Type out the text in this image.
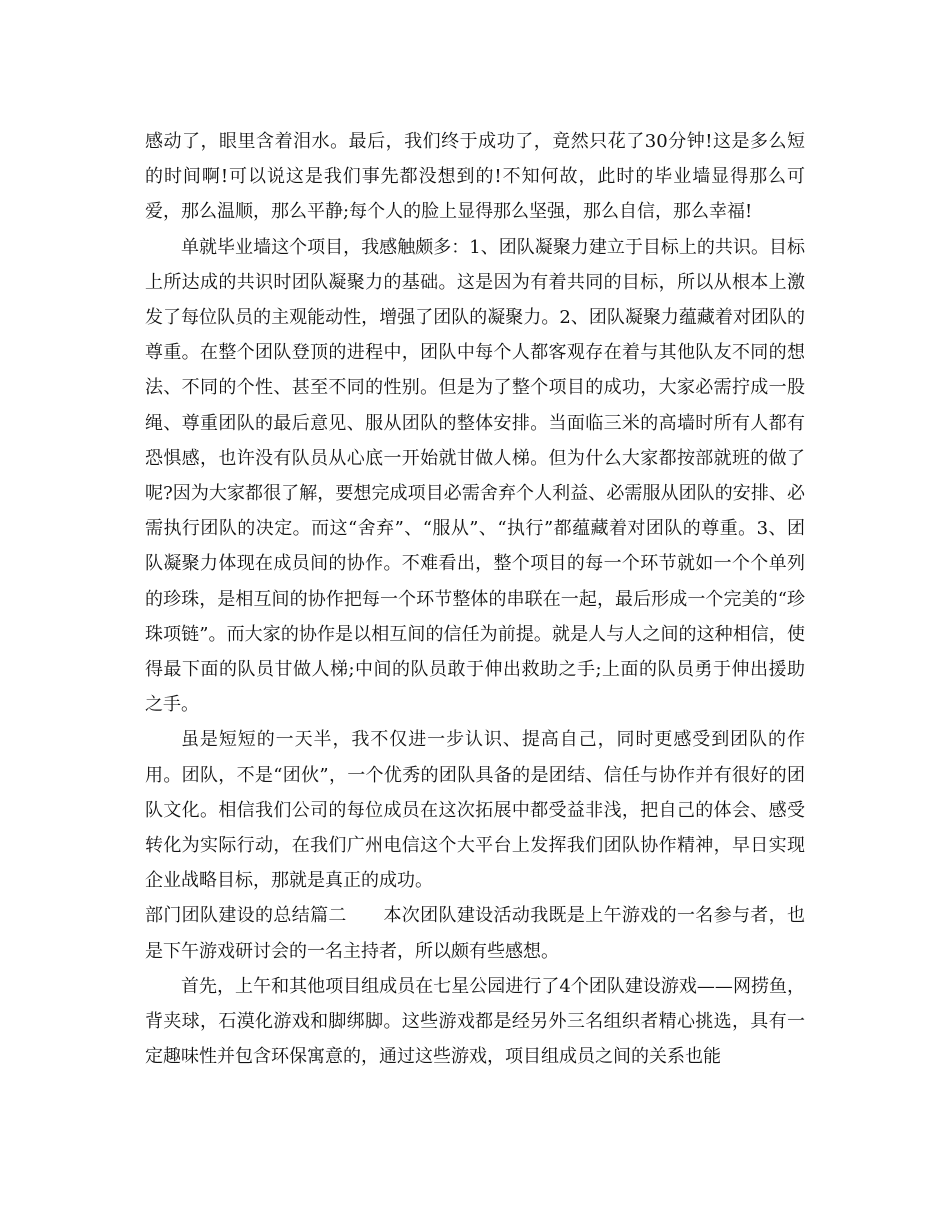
感动了，眼里含着泪水。最后，我们终于成功了，竟然只花了30分钟!这是多么短的时间啊!可以说这是我们事先都没想到的!不知何故，此时的毕业墙显得那么可爱，那么温顺，那么平静;每个人的脸上显得那么坚强，那么自信，那么幸福!

单就毕业墙这个项目，我感触颇多：1、团队凝聚力建立于目标上的共识。目标上所达成的共识时团队凝聚力的基础。这是因为有着共同的目标，所以从根本上激发了每位队员的主观能动性，增强了团队的凝聚力。2、团队凝聚力蕴藏着对团队的尊重。在整个团队登顶的进程中，团队中每个人都客观存在着与其他队友不同的想法、不同的个性、甚至不同的性别。但是为了整个项目的成功，大家必需拧成一股绳、尊重团队的最后意见、服从团队的整体安排。当面临三米的高墙时所有人都有恐惧感，也许没有队员从心底一开始就甘做人梯。但为什么大家都按部就班的做了呢?因为大家都很了解，要想完成项目必需舍弃个人利益、必需服从团队的安排、必需执行团队的决定。而这“舍弃”、“服从”、“执行”都蕴藏着对团队的尊重。3、团队凝聚力体现在成员间的协作。不难看出，整个项目的每一个环节就如一个个单列的珍珠，是相互间的协作把每一个环节整体的串联在一起，最后形成一个完美的“珍珠项链”。而大家的协作是以相互间的信任为前提。就是人与人之间的这种相信，使得最下面的队员甘做人梯;中间的队员敢于伸出救助之手;上面的队员勇于伸出援助之手。

虽是短短的一天半，我不仅进一步认识、提高自己，同时更感受到团队的作用。团队，不是“团伙”，一个优秀的团队具备的是团结、信任与协作并有很好的团队文化。相信我们公司的每位成员在这次拓展中都受益非浅，把自己的体会、感受转化为实际行动，在我们广州电信这个大平台上发挥我们团队协作精神，早日实现企业战略目标，那就是真正的成功。

部门团队建设的总结篇二　　本次团队建设活动我既是上午游戏的一名参与者，也是下午游戏研讨会的一名主持者，所以颇有些感想。

首先，上午和其他项目组成员在七星公园进行了4个团队建设游戏——网捞鱼，背夹球，石漠化游戏和脚绑脚。这些游戏都是经另外三名组织者精心挑选，具有一定趣味性并包含环保寓意的，通过这些游戏，项目组成员之间的关系也能
